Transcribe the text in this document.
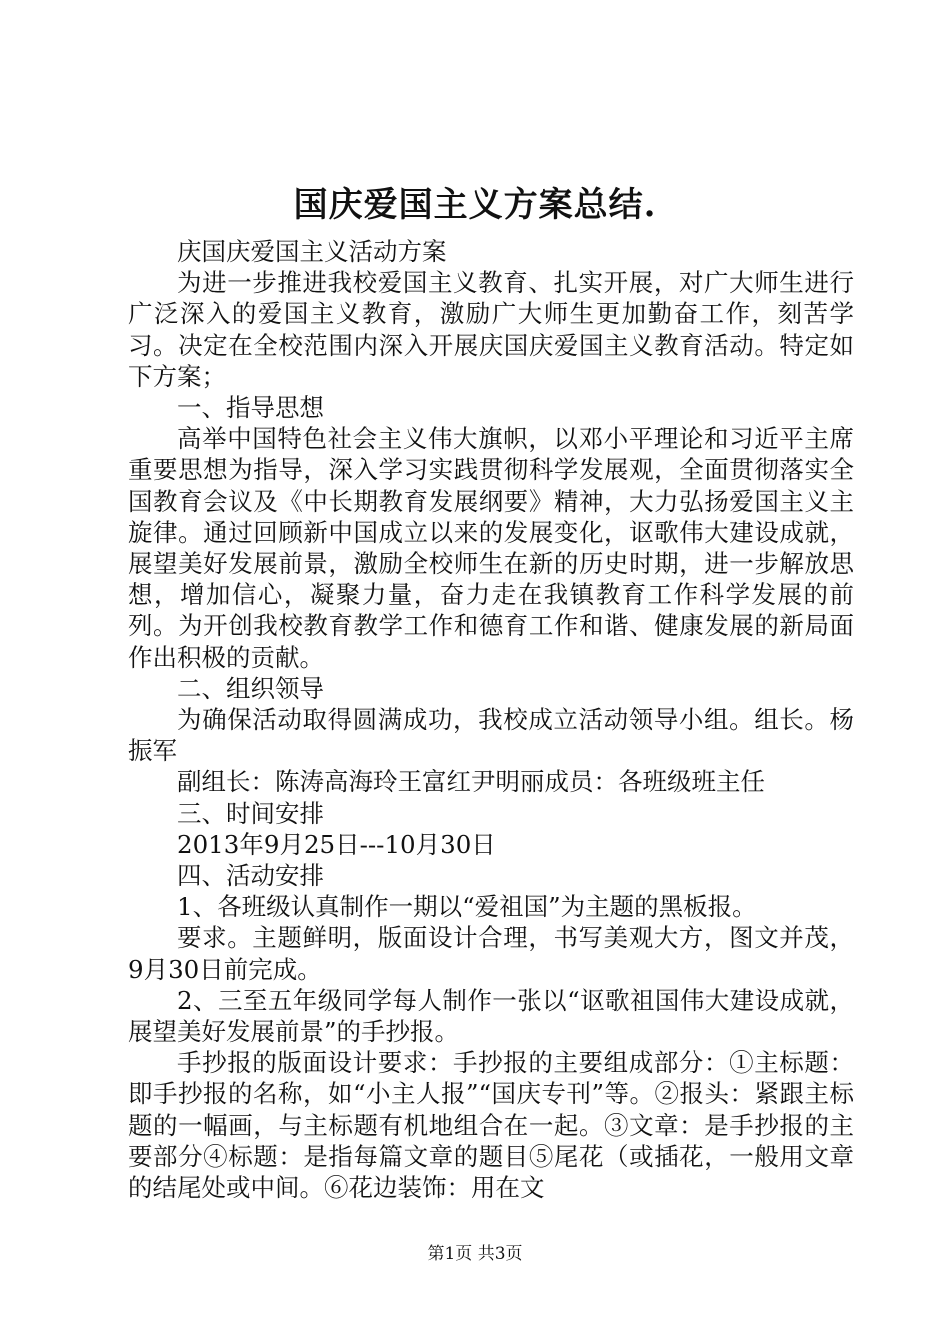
国庆爱国主义方案总结.

庆国庆爱国主义活动方案

为进一步推进我校爱国主义教育、扎实开展，对广大师生进行广泛深入的爱国主义教育，激励广大师生更加勤奋工作，刻苦学习。决定在全校范围内深入开展庆国庆爱国主义教育活动。特定如下方案；

一、指导思想

高举中国特色社会主义伟大旗帜，以邓小平理论和习近平主席重要思想为指导，深入学习实践贯彻科学发展观，全面贯彻落实全国教育会议及《中长期教育发展纲要》精神，大力弘扬爱国主义主旋律。通过回顾新中国成立以来的发展变化，讴歌伟大建设成就，展望美好发展前景，激励全校师生在新的历史时期，进一步解放思想，增加信心，凝聚力量，奋力走在我镇教育工作科学发展的前列。为开创我校教育教学工作和德育工作和谐、健康发展的新局面作出积极的贡献。

二、组织领导

为确保活动取得圆满成功，我校成立活动领导小组。组长。杨振军

副组长：陈涛高海玲王富红尹明丽成员：各班级班主任

三、时间安排

2013年9月25日---10月30日

四、活动安排

1、各班级认真制作一期以“爱祖国”为主题的黑板报。

要求。主题鲜明，版面设计合理，书写美观大方，图文并茂，9月30日前完成。

2、三至五年级同学每人制作一张以“讴歌祖国伟大建设成就，展望美好发展前景”的手抄报。

手抄报的版面设计要求：手抄报的主要组成部分：①主标题：即手抄报的名称，如“小主人报”“国庆专刊”等。②报头：紧跟主标题的一幅画，与主标题有机地组合在一起。③文章：是手抄报的主要部分④标题：是指每篇文章的题目⑤尾花（或插花，一般用文章的结尾处或中间。⑥花边装饰：用在文

第1页 共3页
